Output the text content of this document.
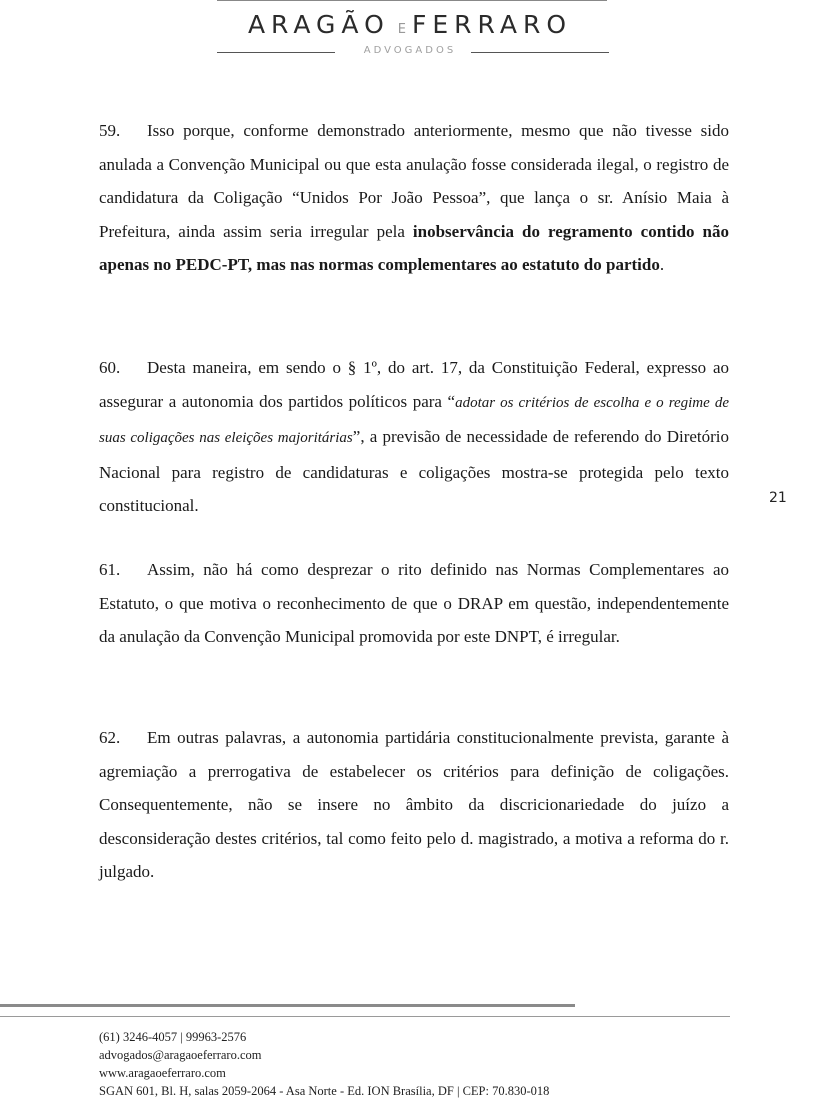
ARAGÃO E FERRARO
ADVOGADOS
59. Isso porque, conforme demonstrado anteriormente, mesmo que não tivesse sido anulada a Convenção Municipal ou que esta anulação fosse considerada ilegal, o registro de candidatura da Coligação “Unidos Por João Pessoa”, que lança o sr. Anísio Maia à Prefeitura, ainda assim seria irregular pela inobservância do regramento contido não apenas no PEDC-PT, mas nas normas complementares ao estatuto do partido.
60. Desta maneira, em sendo o § 1º, do art. 17, da Constituição Federal, expresso ao assegurar a autonomia dos partidos políticos para “adotar os critérios de escolha e o regime de suas coligações nas eleições majoritárias”, a previsão de necessidade de referendo do Diretório Nacional para registro de candidaturas e coligações mostra-se protegida pelo texto constitucional.	21
61. Assim, não há como desprezar o rito definido nas Normas Complementares ao Estatuto, o que motiva o reconhecimento de que o DRAP em questão, independentemente da anulação da Convenção Municipal promovida por este DNPT, é irregular.
62. Em outras palavras, a autonomia partidária constitucionalmente prevista, garante à agremiação a prerrogativa de estabelecer os critérios para definição de coligações. Consequentemente, não se insere no âmbito da discricionariedade do juízo a desconsideração destes critérios, tal como feito pelo d. magistrado, a motiva a reforma do r. julgado.
(61) 3246-4057 | 99963-2576
advogados@aragaoeferraro.com
www.aragaoeferraro.com
SGAN 601, Bl. H, salas 2059-2064 - Asa Norte - Ed. ION Brasília, DF | CEP: 70.830-018
